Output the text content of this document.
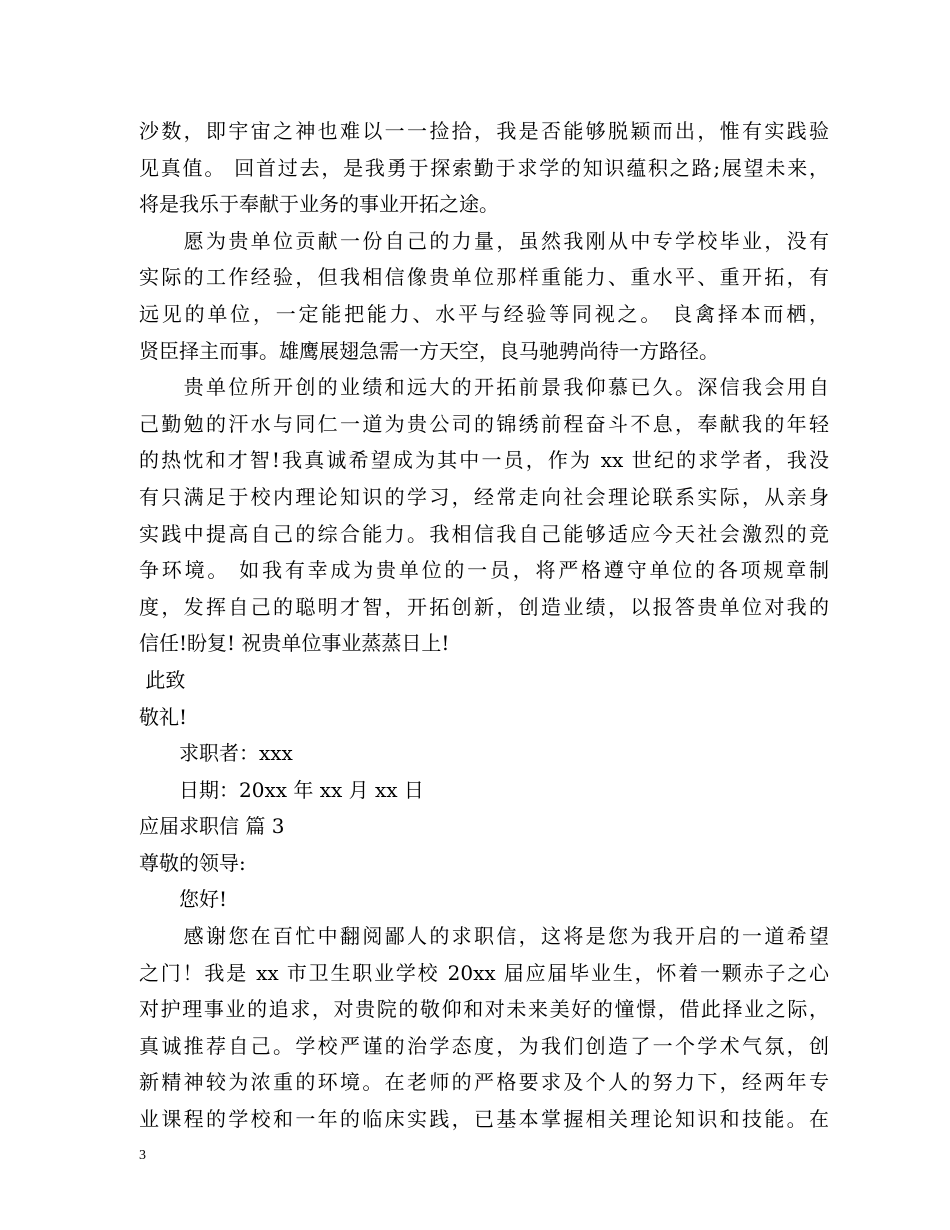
沙数，即宇宙之神也难以一一捡拾，我是否能够脱颖而出，惟有实践验
见真值。 回首过去，是我勇于探索勤于求学的知识蕴积之路;展望未来，
将是我乐于奉献于业务的事业开拓之途。
　　愿为贵单位贡献一份自己的力量，虽然我刚从中专学校毕业，没有
实际的工作经验，但我相信像贵单位那样重能力、重水平、重开拓，有
远见的单位，一定能把能力、水平与经验等同视之。 良禽择本而栖，
贤臣择主而事。雄鹰展翅急需一方天空，良马驰骋尚待一方路径。
　　贵单位所开创的业绩和远大的开拓前景我仰慕已久。深信我会用自
己勤勉的汗水与同仁一道为贵公司的锦绣前程奋斗不息，奉献我的年轻
的热忱和才智!我真诚希望成为其中一员，作为 xx 世纪的求学者，我没
有只满足于校内理论知识的学习，经常走向社会理论联系实际，从亲身
实践中提高自己的综合能力。我相信我自己能够适应今天社会激烈的竞
争环境。 如我有幸成为贵单位的一员，将严格遵守单位的各项规章制
度，发挥自己的聪明才智，开拓创新，创造业绩，以报答贵单位对我的
信任!盼复! 祝贵单位事业蒸蒸日上!
此致
敬礼!
　　求职者：xxx
　　日期：20xx 年 xx 月 xx 日
应届求职信 篇 3
尊敬的领导:
　　您好!
　　感谢您在百忙中翻阅鄙人的求职信，这将是您为我开启的一道希望
之门！我是 xx 市卫生职业学校 20xx 届应届毕业生，怀着一颗赤子之心
对护理事业的追求，对贵院的敬仰和对未来美好的憧憬，借此择业之际，
真诚推荐自己。学校严谨的治学态度，为我们创造了一个学术气氛，创
新精神较为浓重的环境。在老师的严格要求及个人的努力下，经两年专
业课程的学校和一年的临床实践，已基本掌握相关理论知识和技能。在
3
